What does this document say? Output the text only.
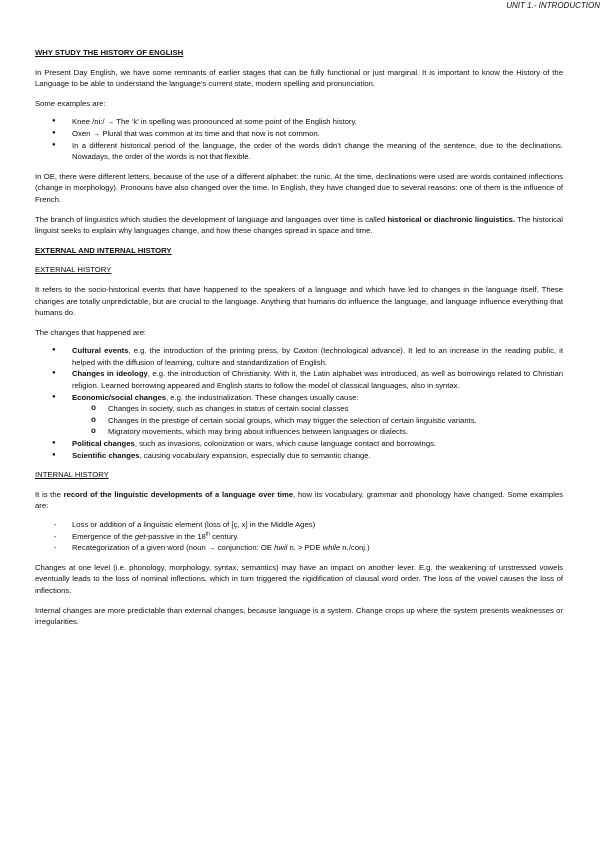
UNIT 1.- INTRODUCTION
WHY STUDY THE HISTORY OF ENGLISH

In Present Day English, we have some remnants of earlier stages that can be fully functional or just marginal. It is important to know the History of the Language to be able to understand the language’s current state, modern spelling and pronunciation.

Some examples are:

● Knee /ni:/ → The ‘k’ in spelling was pronounced at some point of the English history.
● Oxen → Plural that was common at its time and that now is not common.
● In a different historical period of the language, the order of the words didn’t change the meaning of the sentence, due to the declinations. Nowadays, the order of the words is not that flexible.

In OE, there were different letters, because of the use of a different alphabet: the runic. At the time, declinations were used are words contained inflections (change in morphology). Pronouns have also changed over the time. In English, they have changed due to several reasons: one of them is the influence of French.

The branch of linguistics which studies the development of language and languages over time is called historical or diachronic linguistics. The historical linguist seeks to explain why languages change, and how these changes spread in space and time.

EXTERNAL AND INTERNAL HISTORY
EXTERNAL HISTORY

It refers to the socio-historical events that have happened to the speakers of a language and which have led to changes in the language itself. These changes are totally unpredictable, but are crucial to the language. Anything that humans do influence the language, and language influence everything that humans do.

The changes that happened are:

● Cultural events, e.g. the introduction of the printing press, by Caxton (technological advance). It led to an increase in the reading public, it helped with the diffusion of learning, culture and standardization of English.
● Changes in ideology, e.g. the introduction of Christianity. With it, the Latin alphabet was introduced, as well as borrowings related to Christian religion. Learned borrowing appeared and English starts to follow the model of classical languages, also in syntax.
● Economic/social changes, e.g. the industrialization. These changes usually cause:
o Changes in society, such as changes in status of certain social classes
o Changes in the prestige of certain social groups, which may trigger the selection of certain linguistic variants.
o Migratory movements, which may bring about influences between languages or dialects.
● Political changes, such as invasions, colonization or wars, which cause language contact and borrowings.
● Scientific changes, causing vocabulary expansion, especially due to semantic change.
INTERNAL HISTORY

It is the record of the linguistic developments of a language over time, how its vocabulary, grammar and phonology have changed. Some examples are:

- Loss or addition of a linguistic element (loss of [ç, x] in the Middle Ages)
- Emergence of the get-passive in the 18th century.
- Recategorization of a given word (noun → conjunction: OE hwil n. > PDE while n./conj.)

Changes at one level (i.e. phonology, morphology, syntax, semantics) may have an impact on another lever. E.g. the weakening of unstressed vowels eventually leads to the loss of nominal inflections, which in turn triggered the rigidification of clausal word order. The loss of the vowel causes the loss of inflections.

Internal changes are more predictable than external changes, because language is a system. Change crops up where the system presents weaknesses or irregularities.
